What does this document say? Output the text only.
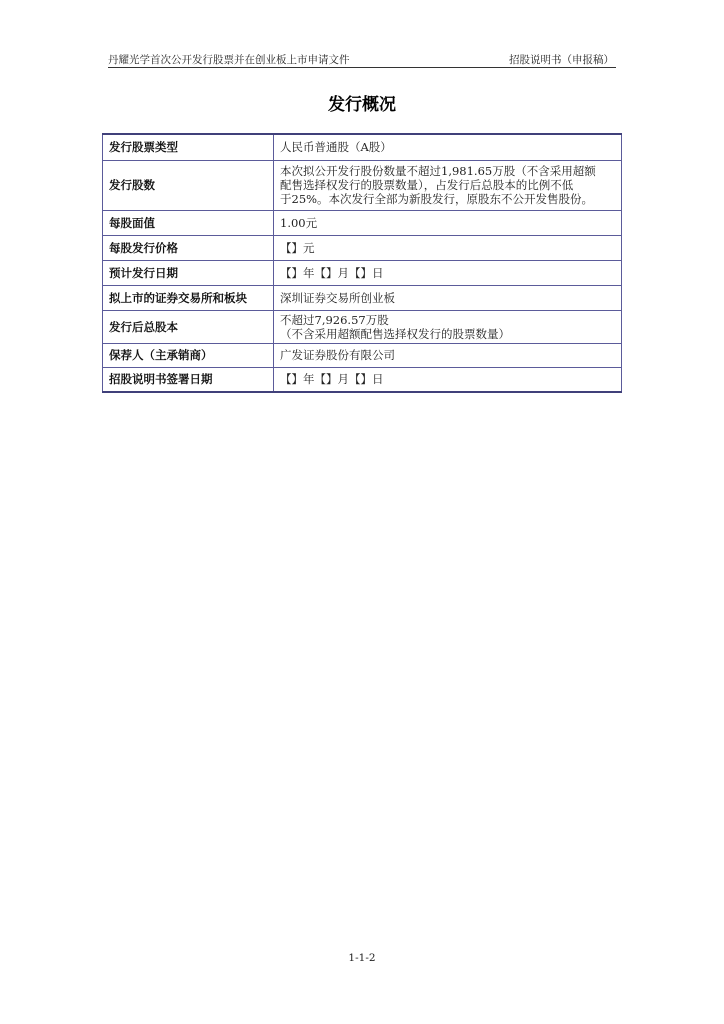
丹耀光学首次公开发行股票并在创业板上市申请文件	招股说明书（申报稿）
发行概况
发行股票类型	人民币普通股（A股）

发行股数	本次拟公开发行股份数量不超过1,981.65万股（不含采用超额
配售选择权发行的股票数量），占发行后总股本的比例不低
于25%。本次发行全部为新股发行，原股东不公开发售股份。

每股面值	1.00元

每股发行价格	【】元

预计发行日期	【】年【】月【】日

拟上市的证券交易所和板块	深圳证券交易所创业板

发行后总股本	不超过7,926.57万股
（不含采用超额配售选择权发行的股票数量）

保荐人（主承销商）	广发证券股份有限公司

招股说明书签署日期	【】年【】月【】日
1-1-2
